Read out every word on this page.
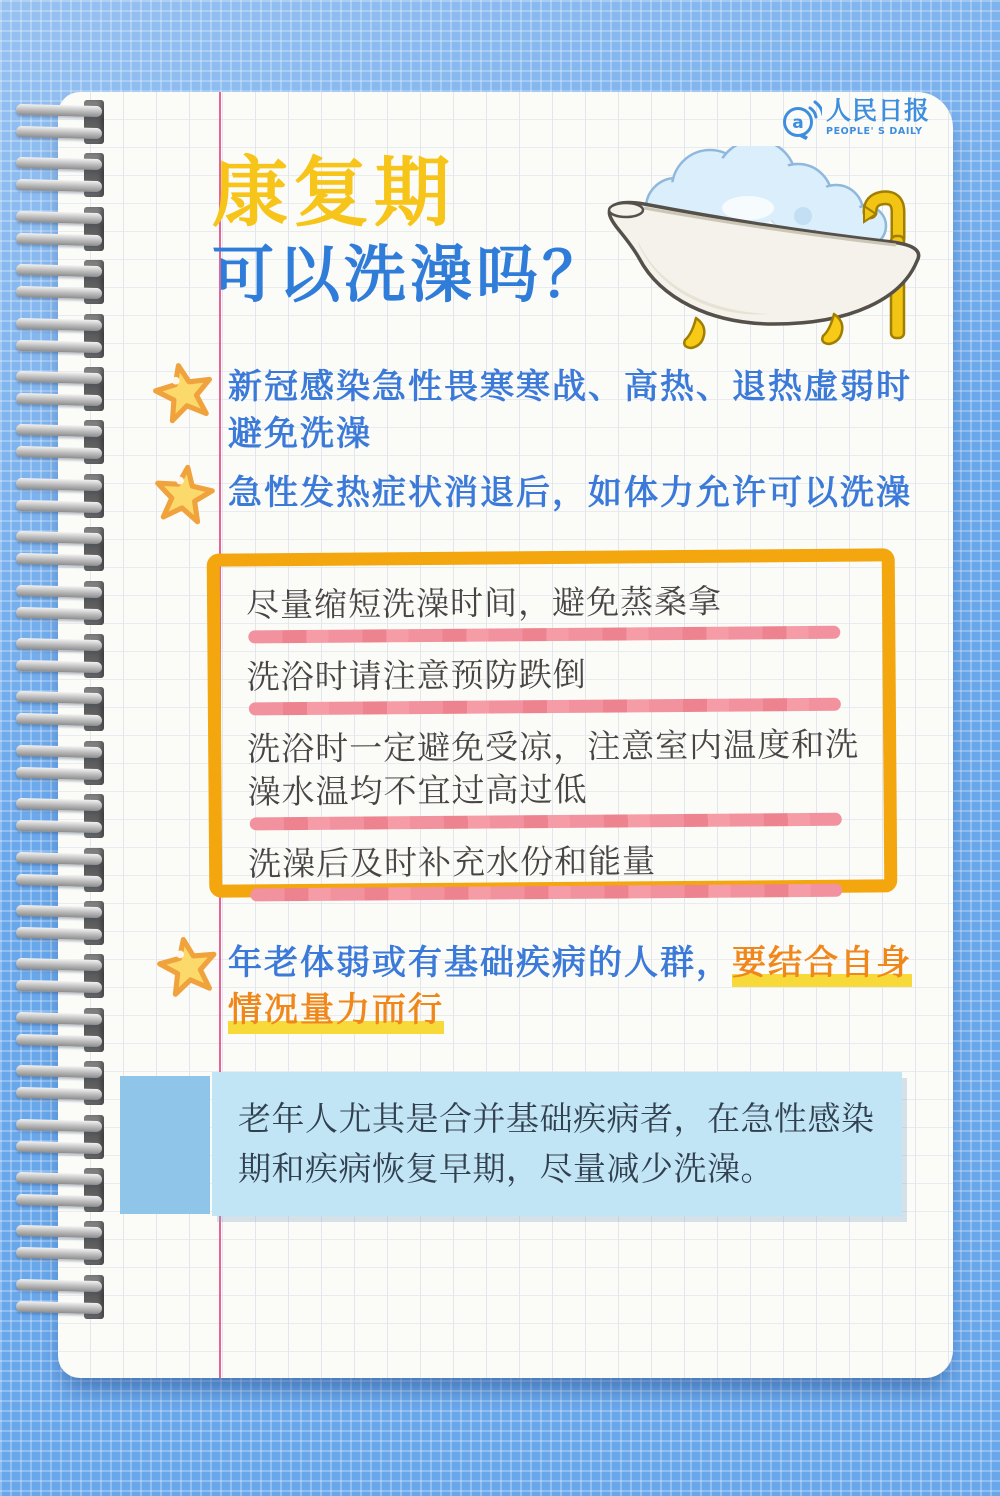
a 人民日报
PEOPLE' S DAILY
康复期 康复期
可以洗澡吗？ 可以洗澡吗？
新冠感染急性畏寒寒战、高热、退热虚弱时 新冠感染急性畏寒寒战、高热、退热虚弱时
避免洗澡 避免洗澡
急性发热症状消退后，如体力允许可以洗澡 急性发热症状消退后，如体力允许可以洗澡
尽量缩短洗澡时间，避免蒸桑拿
洗浴时请注意预防跌倒
洗浴时一定避免受凉，注意室内温度和洗
澡水温均不宜过高过低
洗澡后及时补充水份和能量
年老体弱或有基础疾病的人群，要结合自身
情况量力而行
老年人尤其是合并基础疾病者，在急性感染
期和疾病恢复早期，尽量减少洗澡。
